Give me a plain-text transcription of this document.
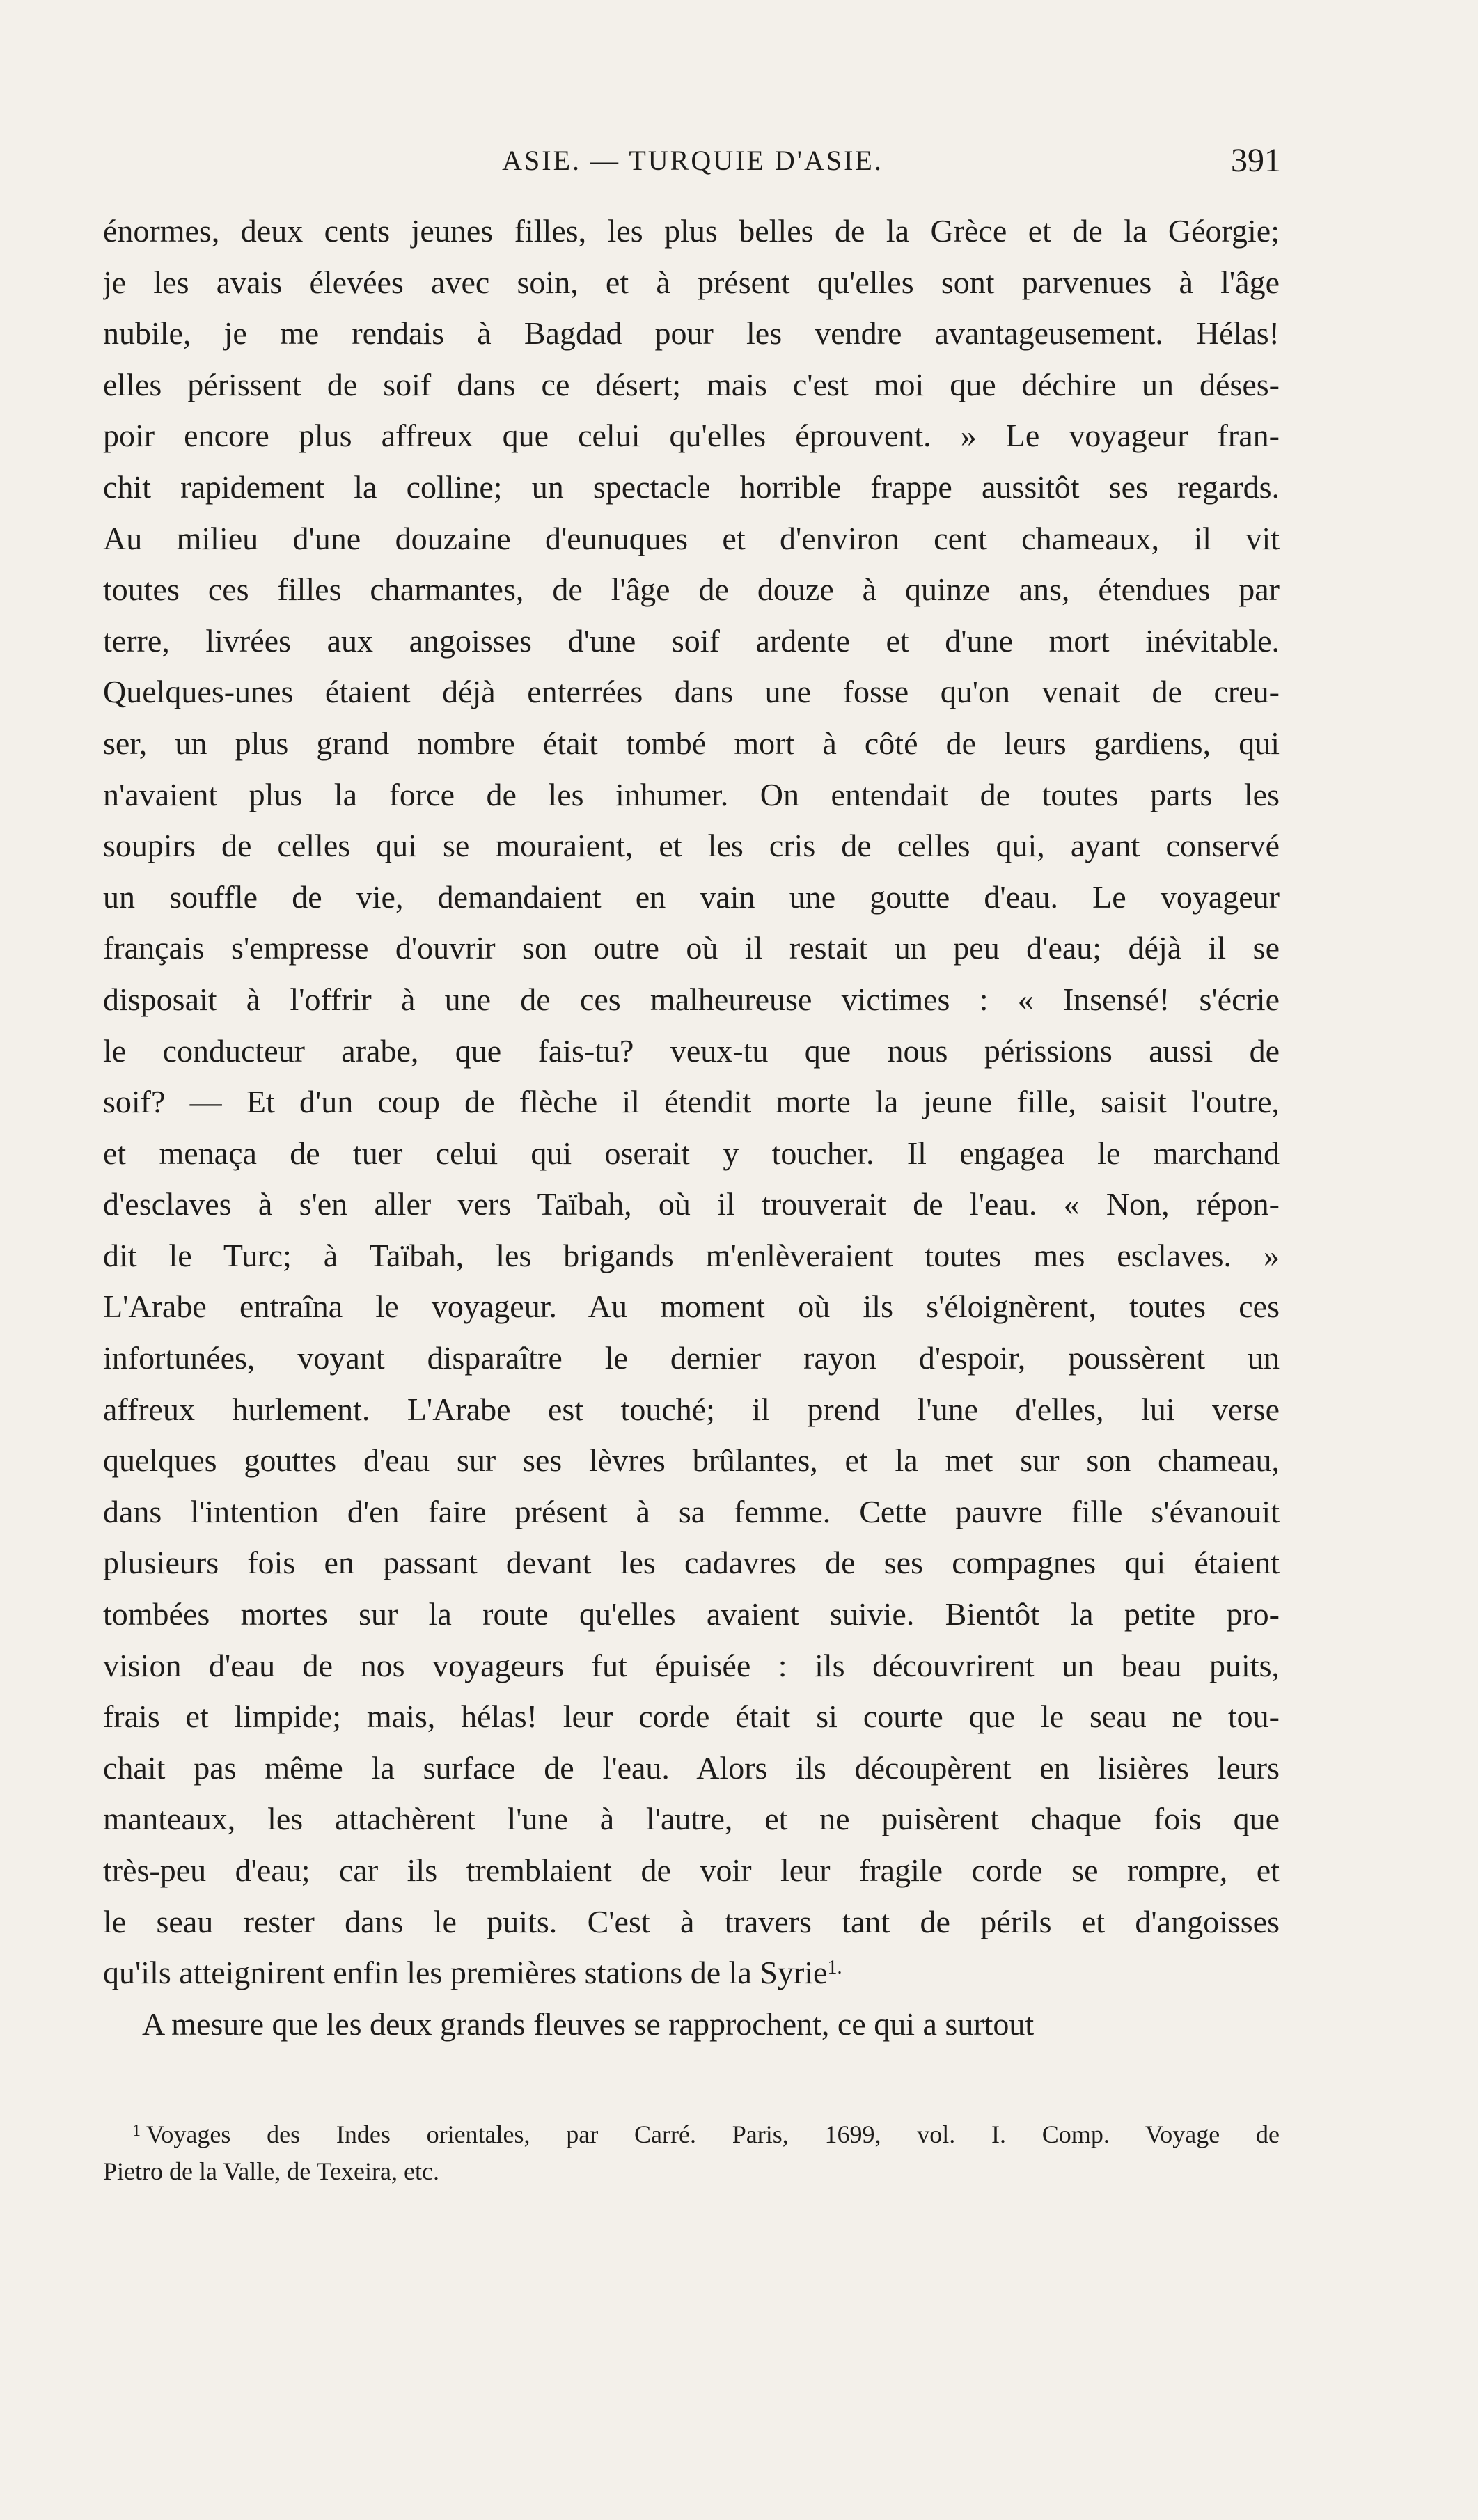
ASIE. — TURQUIE D'ASIE.	391
énormes, deux cents jeunes filles, les plus belles de la Grèce et de la Géorgie;
je les avais élevées avec soin, et à présent qu'elles sont parvenues à l'âge
nubile, je me rendais à Bagdad pour les vendre avantageusement. Hélas!
elles périssent de soif dans ce désert; mais c'est moi que déchire un déses-
poir encore plus affreux que celui qu'elles éprouvent. » Le voyageur fran-
chit rapidement la colline; un spectacle horrible frappe aussitôt ses regards.
Au milieu d'une douzaine d'eunuques et d'environ cent chameaux, il vit
toutes ces filles charmantes, de l'âge de douze à quinze ans, étendues par
terre, livrées aux angoisses d'une soif ardente et d'une mort inévitable.
Quelques-unes étaient déjà enterrées dans une fosse qu'on venait de creu-
ser, un plus grand nombre était tombé mort à côté de leurs gardiens, qui
n'avaient plus la force de les inhumer. On entendait de toutes parts les
soupirs de celles qui se mouraient, et les cris de celles qui, ayant conservé
un souffle de vie, demandaient en vain une goutte d'eau. Le voyageur
français s'empresse d'ouvrir son outre où il restait un peu d'eau; déjà il se
disposait à l'offrir à une de ces malheureuse victimes : « Insensé! s'écrie
le conducteur arabe, que fais-tu? veux-tu que nous périssions aussi de
soif? — Et d'un coup de flèche il étendit morte la jeune fille, saisit l'outre,
et menaça de tuer celui qui oserait y toucher. Il engagea le marchand
d'esclaves à s'en aller vers Taïbah, où il trouverait de l'eau. « Non, répon-
dit le Turc; à Taïbah, les brigands m'enlèveraient toutes mes esclaves. »
L'Arabe entraîna le voyageur. Au moment où ils s'éloignèrent, toutes ces
infortunées, voyant disparaître le dernier rayon d'espoir, poussèrent un
affreux hurlement. L'Arabe est touché; il prend l'une d'elles, lui verse
quelques gouttes d'eau sur ses lèvres brûlantes, et la met sur son chameau,
dans l'intention d'en faire présent à sa femme. Cette pauvre fille s'évanouit
plusieurs fois en passant devant les cadavres de ses compagnes qui étaient
tombées mortes sur la route qu'elles avaient suivie. Bientôt la petite pro-
vision d'eau de nos voyageurs fut épuisée : ils découvrirent un beau puits,
frais et limpide; mais, hélas! leur corde était si courte que le seau ne tou-
chait pas même la surface de l'eau. Alors ils découpèrent en lisières leurs
manteaux, les attachèrent l'une à l'autre, et ne puisèrent chaque fois que
très-peu d'eau; car ils tremblaient de voir leur fragile corde se rompre, et
le seau rester dans le puits. C'est à travers tant de périls et d'angoisses
qu'ils atteignirent enfin les premières stations de la Syrie$^{1.}$
A mesure que les deux grands fleuves se rapprochent, ce qui a surtout
$^1$ Voyages des Indes orientales, par Carré. Paris, 1699, vol. I. Comp. Voyage de
Pietro de la Valle, de Texeira, etc.
